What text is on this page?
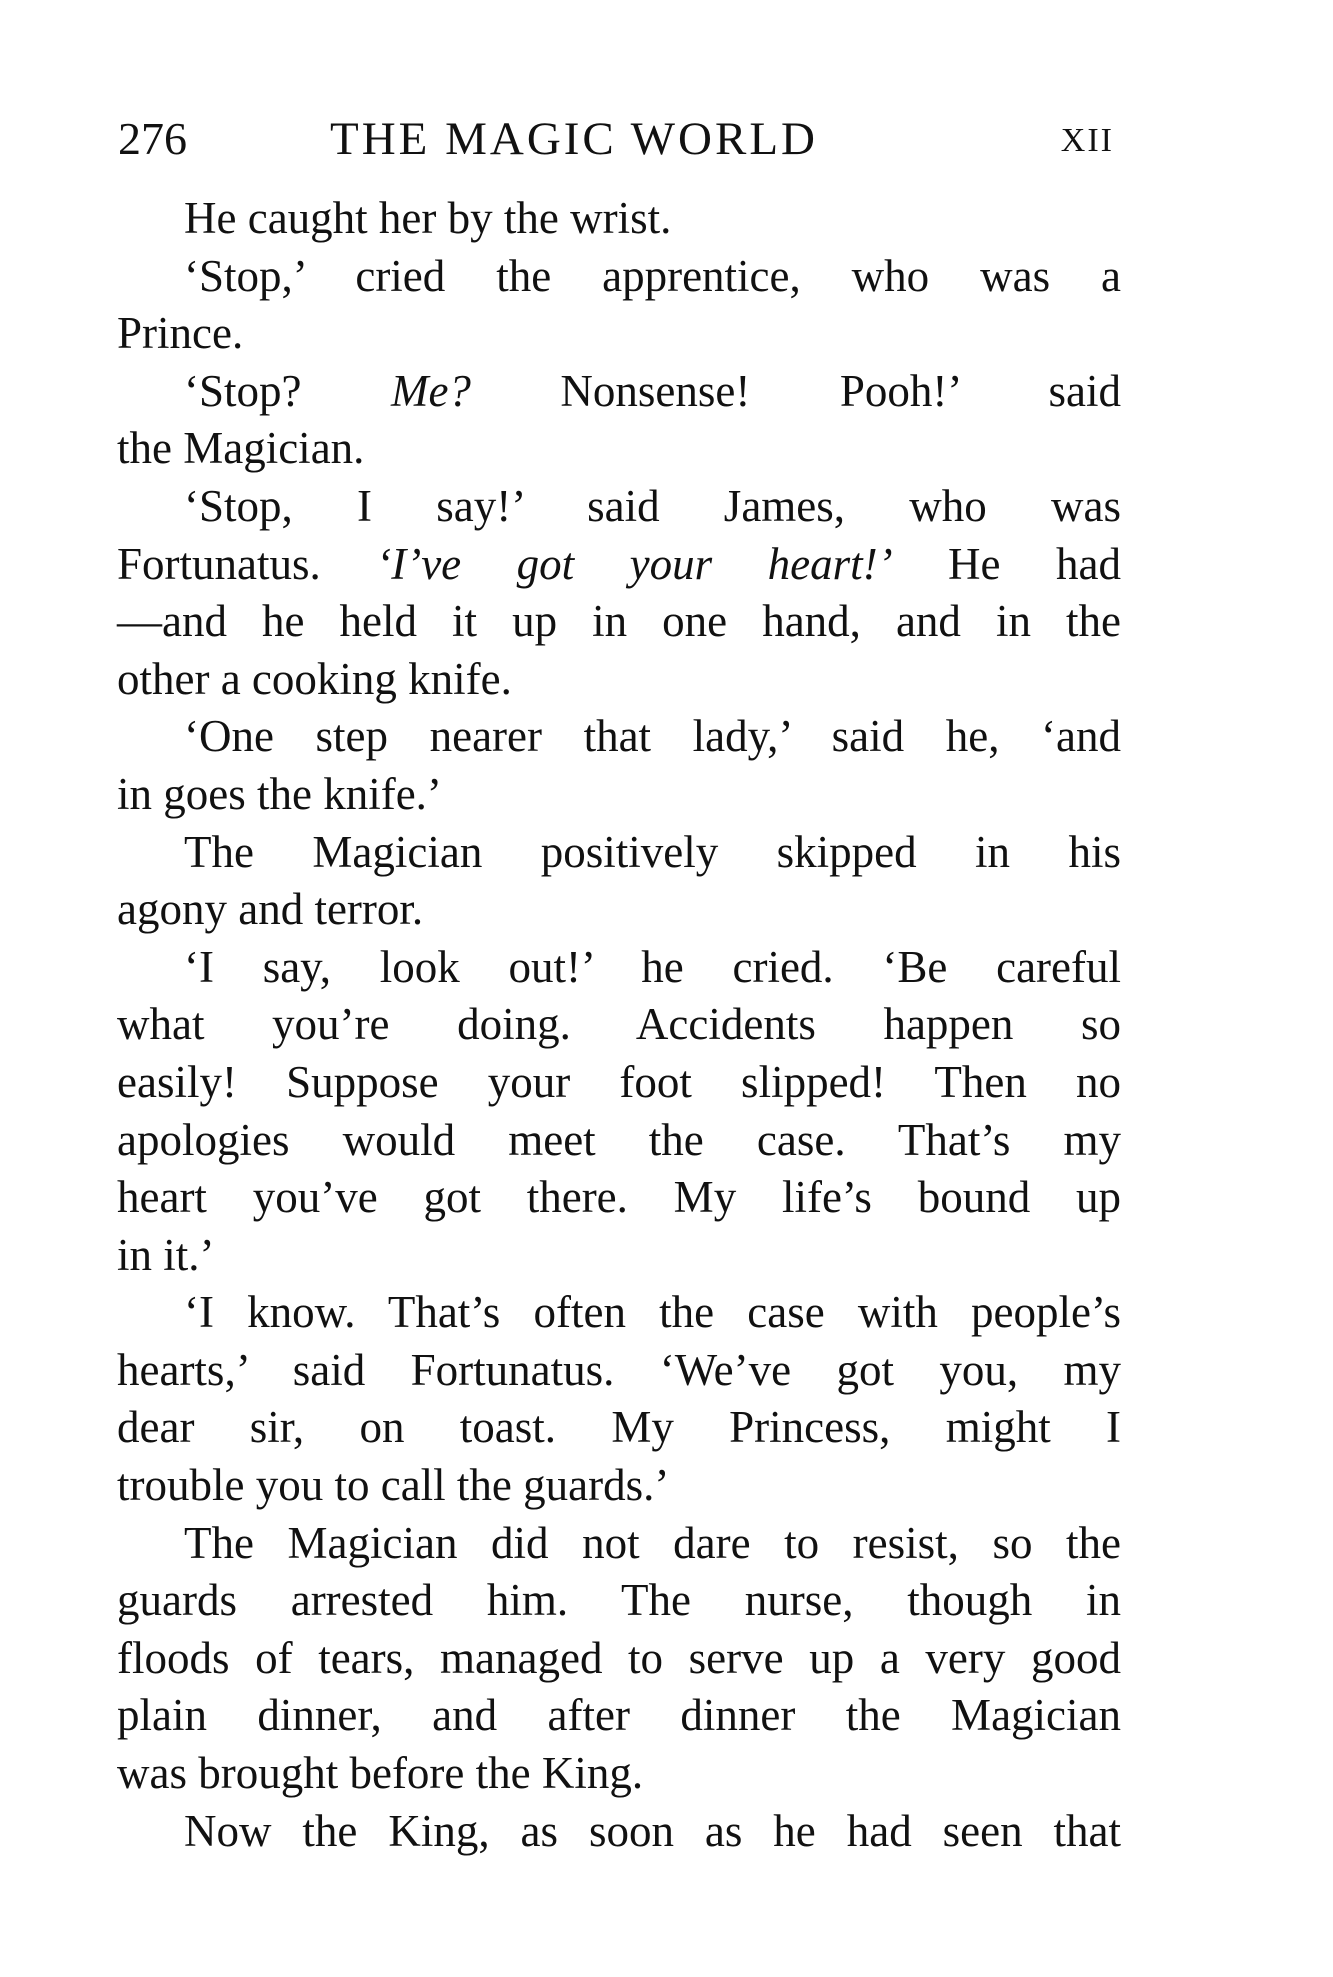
276	THE MAGIC WORLD	XII
He caught her by the wrist.
‘Stop,’ cried the apprentice, who was a
Prince.
‘Stop? Me? Nonsense! Pooh!’ said
the Magician.
‘Stop, I say!’ said James, who was
Fortunatus. ‘I’ve got your heart!’ He had
—and he held it up in one hand, and in the
other a cooking knife.
‘One step nearer that lady,’ said he, ‘and
in goes the knife.’
The Magician positively skipped in his
agony and terror.
‘I say, look out!’ he cried. ‘Be careful
what you’re doing. Accidents happen so
easily! Suppose your foot slipped! Then no
apologies would meet the case. That’s my
heart you’ve got there. My life’s bound up
in it.’
‘I know. That’s often the case with people’s
hearts,’ said Fortunatus. ‘We’ve got you, my
dear sir, on toast. My Princess, might I
trouble you to call the guards.’
The Magician did not dare to resist, so the
guards arrested him. The nurse, though in
floods of tears, managed to serve up a very good
plain dinner, and after dinner the Magician
was brought before the King.
Now the King, as soon as he had seen that
